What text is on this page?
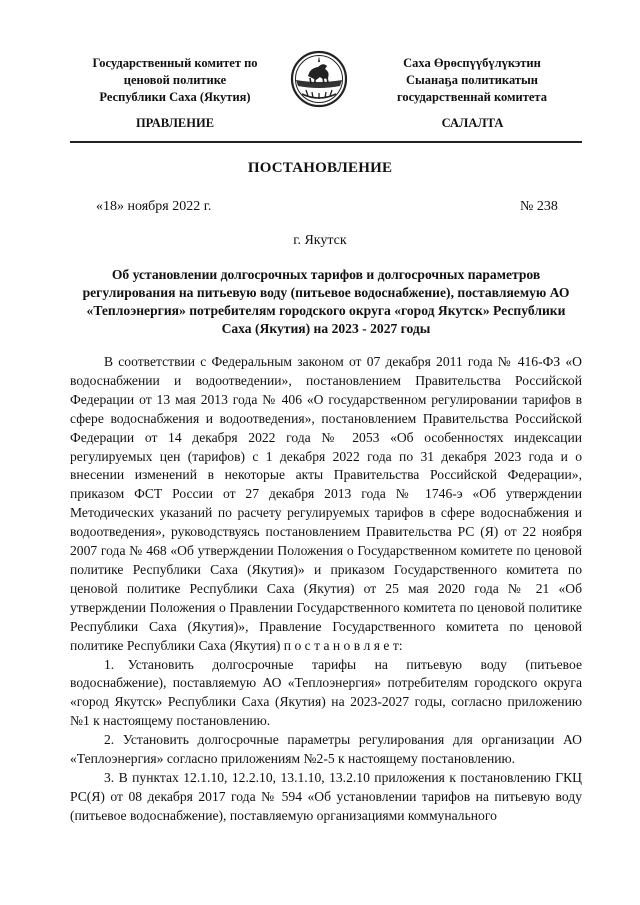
Государственный комитет по
ценовой политике
Республики Саха (Якутия)
Саха Өрөспүүбүлүкэтин
Сыанаҕа политикатын
государственнай комитета
ПРАВЛЕНИЕ	САЛАЛТА
ПОСТАНОВЛЕНИЕ
«18» ноября 2022 г.	№ 238
г. Якутск
Об установлении долгосрочных тарифов и долгосрочных параметров регулирования на питьевую воду (питьевое водоснабжение), поставляемую АО «Теплоэнергия» потребителям городского округа «город Якутск» Республики Саха (Якутия) на 2023 - 2027 годы

В соответствии с Федеральным законом от 07 декабря 2011 года № 416-ФЗ «О водоснабжении и водоотведении», постановлением Правительства Российской Федерации от 13 мая 2013 года № 406 «О государственном регулировании тарифов в сфере водоснабжения и водоотведения», постановлением Правительства Российской Федерации от 14 декабря 2022 года № 2053 «Об особенностях индексации регулируемых цен (тарифов) с 1 декабря 2022 года по 31 декабря 2023 года и о внесении изменений в некоторые акты Правительства Российской Федерации», приказом ФСТ России от 27 декабря 2013 года № 1746-э «Об утверждении Методических указаний по расчету регулируемых тарифов в сфере водоснабжения и водоотведения», руководствуясь постановлением Правительства РС (Я) от 22 ноября 2007 года № 468 «Об утверждении Положения о Государственном комитете по ценовой политике Республики Саха (Якутия)» и приказом Государственного комитета по ценовой политике Республики Саха (Якутия) от 25 мая 2020 года № 21 «Об утверждении Положения о Правлении Государственного комитета по ценовой политике Республики Саха (Якутия)», Правление Государственного комитета по ценовой политике Республики Саха (Якутия) п о с т а н о в л я е т:

1. Установить долгосрочные тарифы на питьевую воду (питьевое водоснабжение), поставляемую АО «Теплоэнергия» потребителям городского округа «город Якутск» Республики Саха (Якутия) на 2023-2027 годы, согласно приложению №1 к настоящему постановлению.

2. Установить долгосрочные параметры регулирования для организации АО «Теплоэнергия» согласно приложениям №2-5 к настоящему постановлению.

3. В пунктах 12.1.10, 12.2.10, 13.1.10, 13.2.10 приложения к постановлению ГКЦ РС(Я) от 08 декабря 2017 года № 594 «Об установлении тарифов на питьевую воду (питьевое водоснабжение), поставляемую организациями коммунального
